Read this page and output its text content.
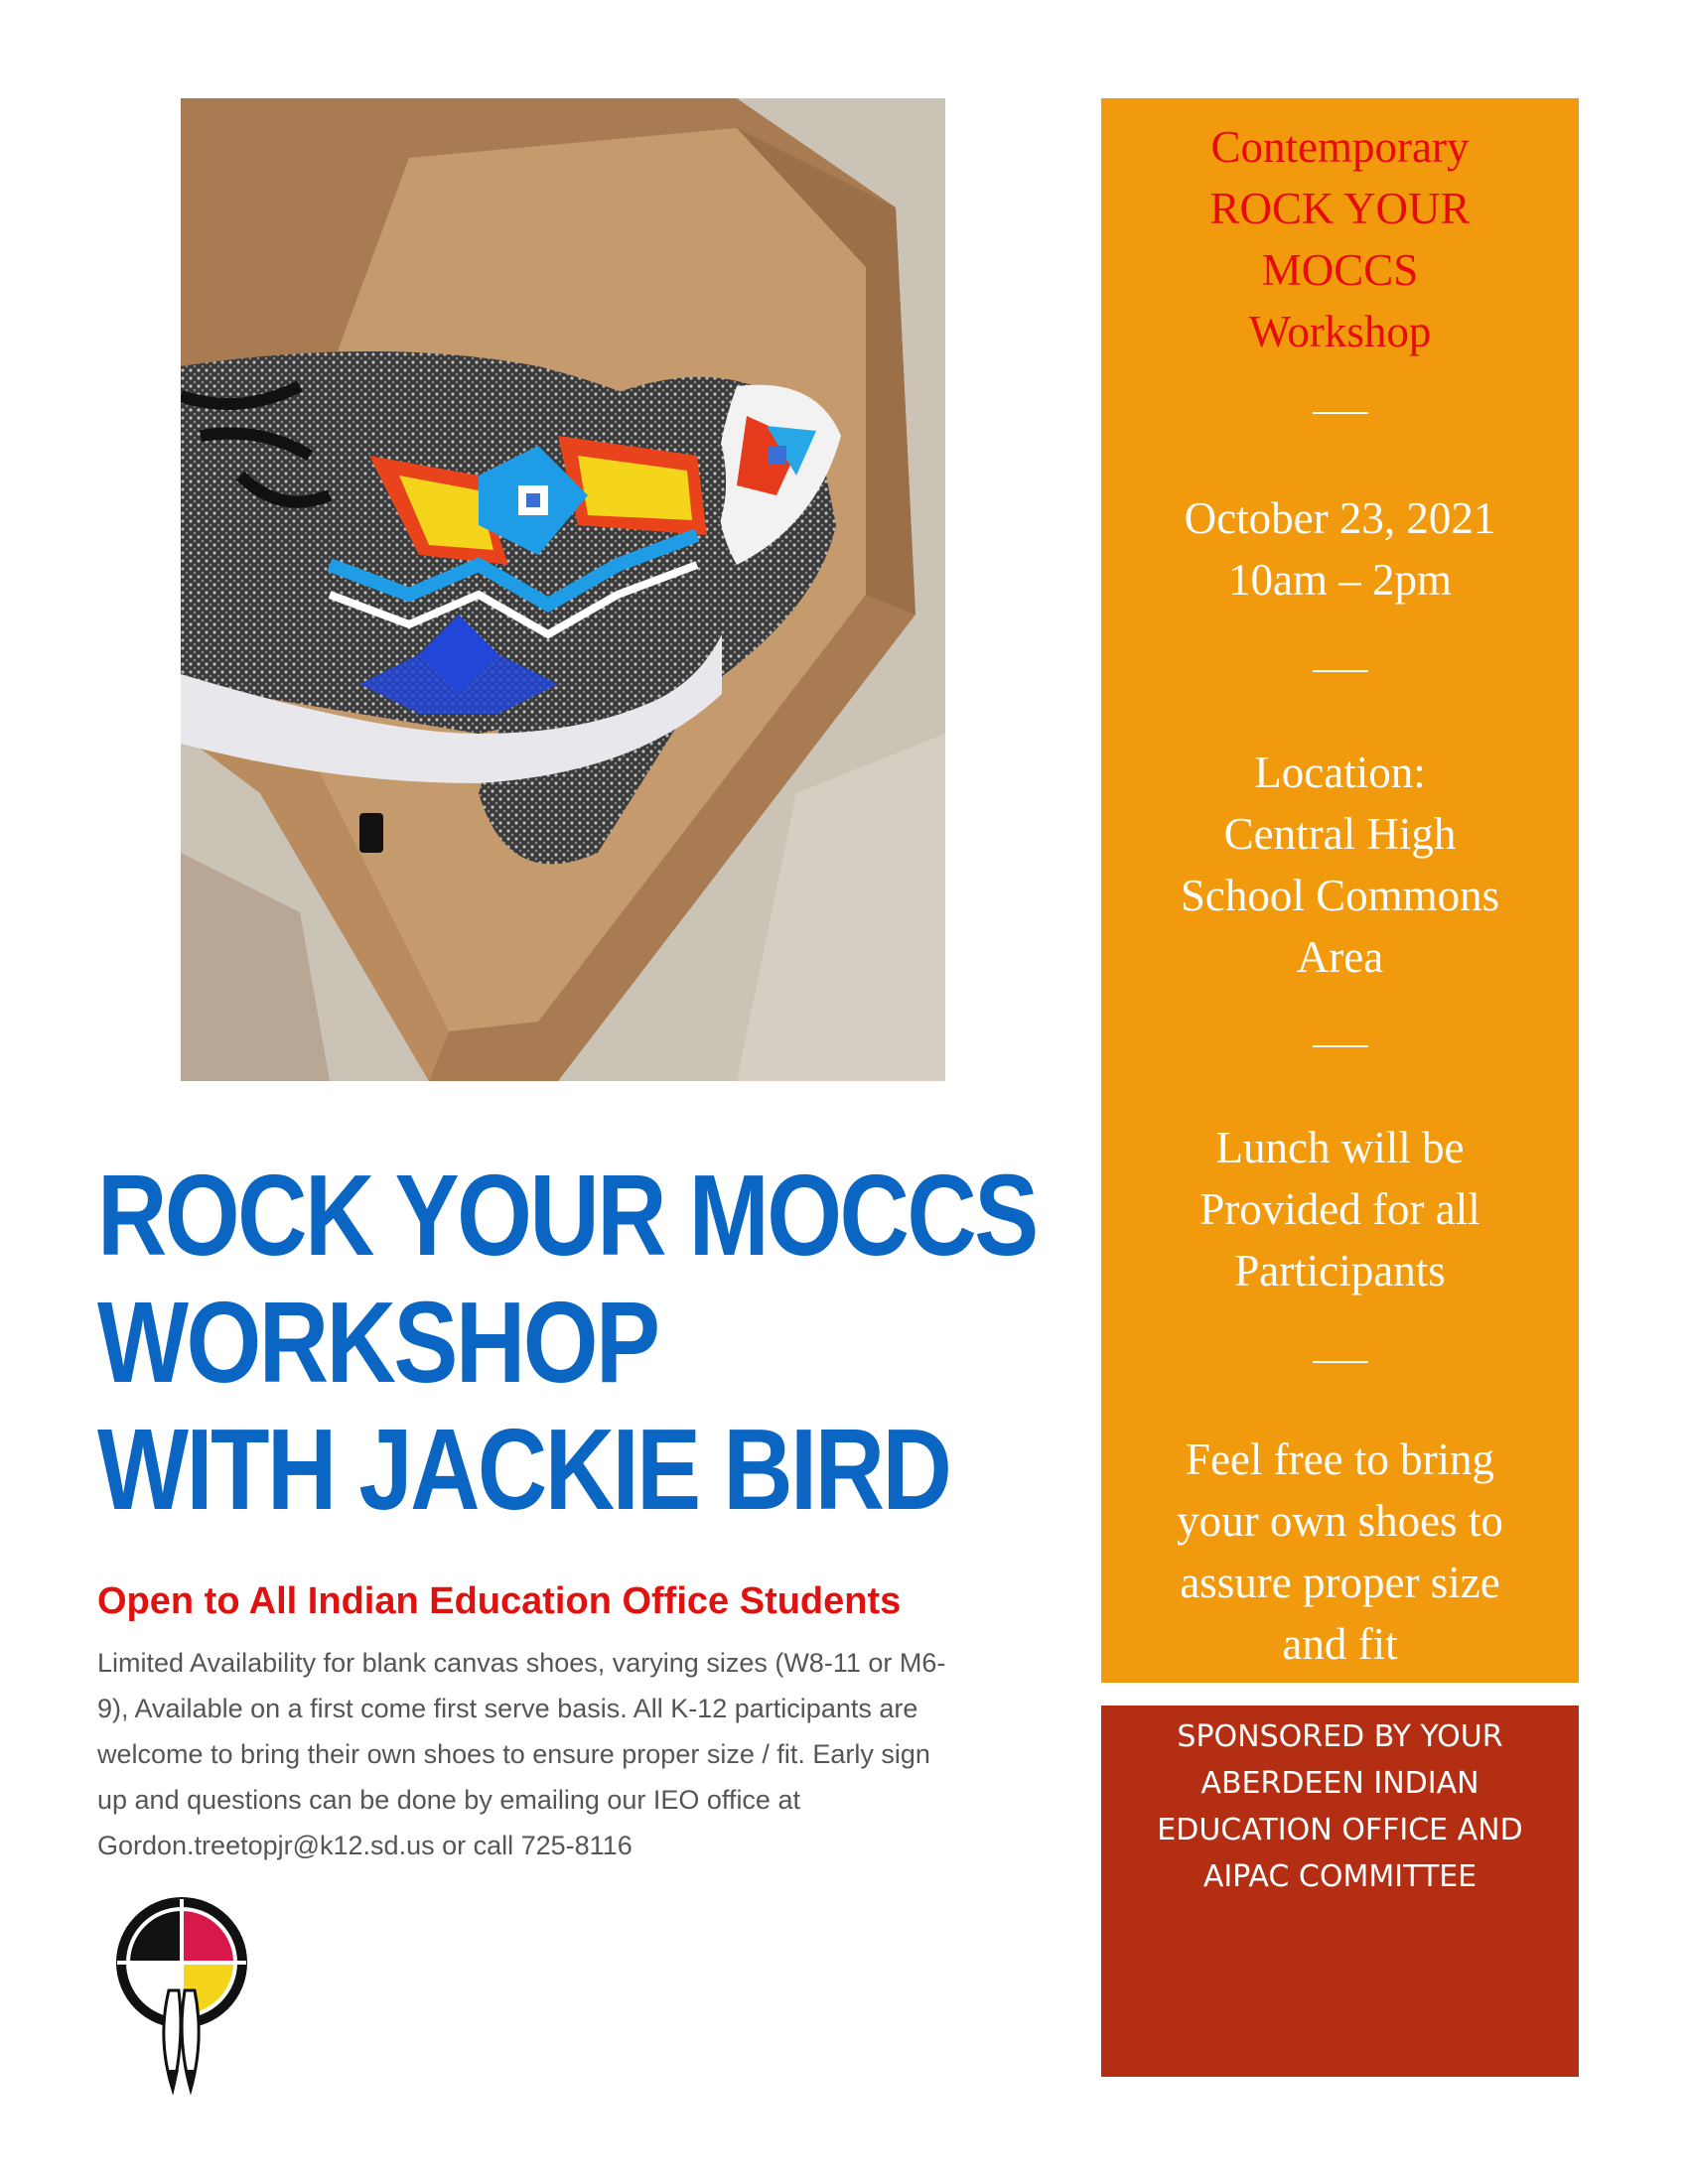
ROCK YOUR MOCCS
WORKSHOP
WITH JACKIE BIRD
Open to All Indian Education Office Students
Limited Availability for blank canvas shoes, varying sizes (W8-11 or M6-
9), Available on a first come first serve basis. All K-12 participants are
welcome to bring their own shoes to ensure proper size / fit. Early sign
up and questions can be done by emailing our IEO office at
Gordon.treetopjr@k12.sd.us or call 725-8116
Contemporary
ROCK YOUR
MOCCS
Workshop
October 23, 2021
10am – 2pm
Location:
Central High
School Commons
Area
Lunch will be
Provided for all
Participants
Feel free to bring
your own shoes to
assure proper size
and fit
SPONSORED BY YOUR
ABERDEEN INDIAN
EDUCATION OFFICE AND
AIPAC COMMITTEE
